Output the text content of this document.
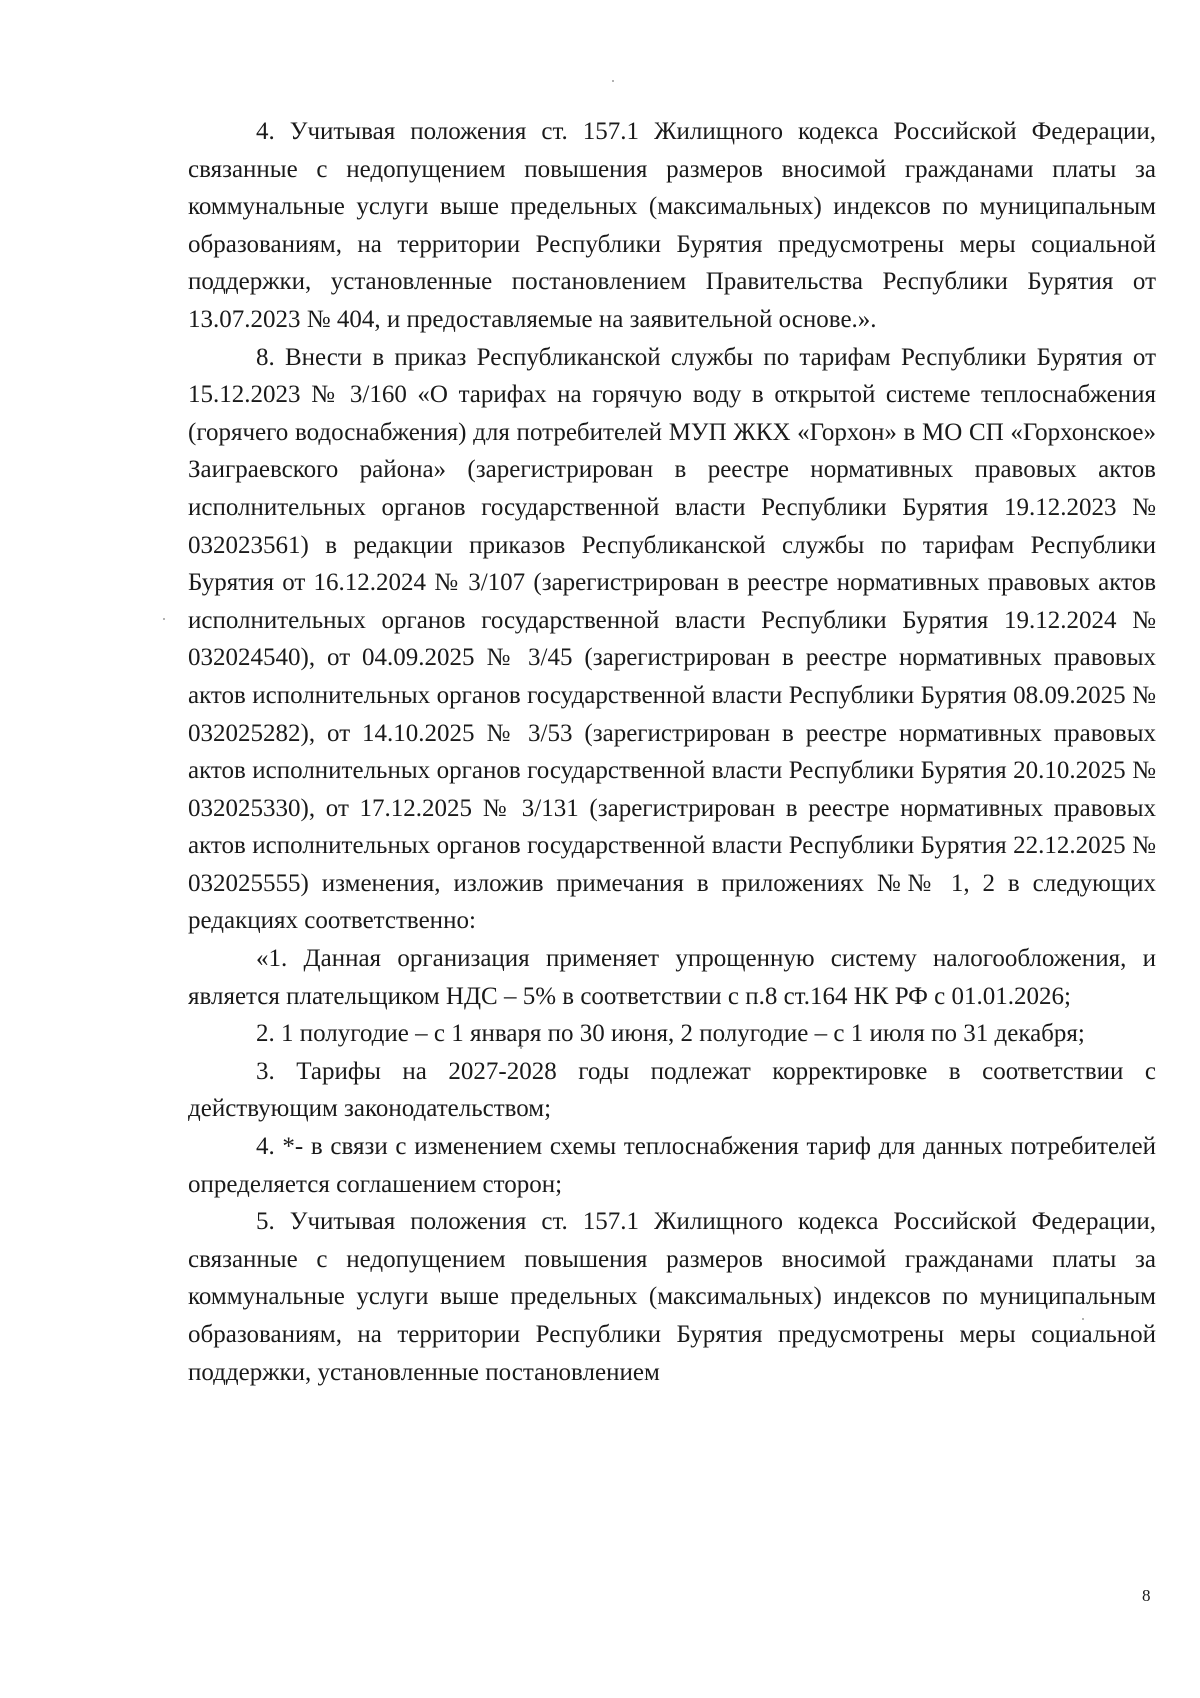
4. Учитывая положения ст. 157.1 Жилищного кодекса Российской Федерации, связанные с недопущением повышения размеров вносимой гражданами платы за коммунальные услуги выше предельных (максимальных) индексов по муниципальным образованиям, на территории Республики Бурятия предусмотрены меры социальной поддержки, установленные постановлением Правительства Республики Бурятия от 13.07.2023 № 404, и предоставляемые на заявительной основе.».

8. Внести в приказ Республиканской службы по тарифам Республики Бурятия от 15.12.2023 № 3/160 «О тарифах на горячую воду в открытой системе теплоснабжения (горячего водоснабжения) для потребителей МУП ЖКХ «Горхон» в МО СП «Горхонское» Заиграевского района» (зарегистрирован в реестре нормативных правовых актов исполнительных органов государственной власти Республики Бурятия 19.12.2023 № 032023561) в редакции приказов Республиканской службы по тарифам Республики Бурятия от 16.12.2024 № 3/107 (зарегистрирован в реестре нормативных правовых актов исполнительных органов государственной власти Республики Бурятия 19.12.2024 № 032024540), от 04.09.2025 № 3/45 (зарегистрирован в реестре нормативных правовых актов исполнительных органов государственной власти Республики Бурятия 08.09.2025 № 032025282), от 14.10.2025 № 3/53 (зарегистрирован в реестре нормативных правовых актов исполнительных органов государственной власти Республики Бурятия 20.10.2025 № 032025330), от 17.12.2025 № 3/131 (зарегистрирован в реестре нормативных правовых актов исполнительных органов государственной власти Республики Бурятия 22.12.2025 № 032025555) изменения, изложив примечания в приложениях №№ 1, 2 в следующих редакциях соответственно:

«1. Данная организация применяет упрощенную систему налогообложения, и является плательщиком НДС – 5% в соответствии с п.8 ст.164 НК РФ с 01.01.2026;

2. 1 полугодие – с 1 января по 30 июня, 2 полугодие – с 1 июля по 31 декабря;

3. Тарифы на 2027-2028 годы подлежат корректировке в соответствии с действующим законодательством;

4. *- в связи с изменением схемы теплоснабжения тариф для данных потребителей определяется соглашением сторон;

5. Учитывая положения ст. 157.1 Жилищного кодекса Российской Федерации, связанные с недопущением повышения размеров вносимой гражданами платы за коммунальные услуги выше предельных (максимальных) индексов по муниципальным образованиям, на территории Республики Бурятия предусмотрены меры социальной поддержки, установленные постановлением

8
